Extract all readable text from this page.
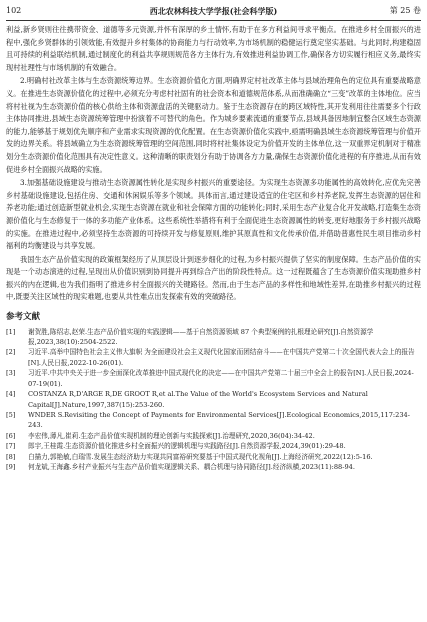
102	西北农林科技大学学报(社会科学版)	第 25 卷

利益,新乡贤则往往携带资金、道德等多元资源,并怀有深厚的乡土情怀,有助于在多方利益间寻求平衡点。在推进乡村全面振兴的进程中,强化乡贤群体的引领效能,有效提升乡村集体的协商能力与行动效率,为市场机制的稳健运行奠定坚实基础。与此同时,构建稳固且可持续的利益联结机制,通过制度化的利益共享规则规范各方主体行为,有效推进利益协调工作,确保各方切实履行相应义务,最终实现村社理性与市场机制的有效融合。

2.明确村社改革主体与生态资源统筹边界。生态资源价值化方面,明确界定村社改革主体与县域治理角色的定位具有重要战略意义。在推进生态资源价值化的过程中,必须充分考虑村社固有的社会资本和道德规范体系,从而准确确立“三变”改革的主体地位。应当将村社视为生态资源价值的核心供给主体和资源盘活的关键驱动力。鉴于生态资源存在的跨区域特性,其开发利用往往需要多个行政主体协同推进,县域生态资源统筹管理中扮演着不可替代的角色。作为城乡要素流通的重要节点,县域具备因地制宜整合区域生态资源的能力,能够基于规划优先顺序和产业需求实现资源的优化配置。在生态资源价值化实践中,亟需明确县域生态资源统筹管理与价值开发的边界关系。将县域确立为生态资源统筹管理的空间范围,同时将村社集体设定为价值开发的主体单位,这一双重界定机制对于精准划分生态资源价值化范围具有决定性意义。这种清晰的职责划分有助于协调各方力量,确保生态资源价值化进程的有序推进,从而有效促进乡村全面振兴战略的实施。

3.加强基础设施建设与推动生态资源属性转化是实现乡村振兴的重要途径。为实现生态资源多功能属性的高效转化,应优先完善乡村基础设施建设,包括住房、交通和休闲娱乐等多个领域。具体而言,通过建设适宜的住宅区和乡村养老院,发挥生态资源的居住和养老功能;通过创造新型就业机会,实现生态资源在就业和社会保障方面的功能转化;同时,采用生态产业复合化开发战略,打造集生态资源价值化与生态修复于一体的多功能产业体系。这些系统性举措将有利于全面促进生态资源属性的转变,更好地服务于乡村振兴战略的实施。在推进过程中,必须坚持生态资源的可持续开发与修复原则,维护其原真性和文化传承价值,并借助普惠性民生项目推动乡村福利的均衡建设与共享发展。

我国生态产品价值实现的政策框架经历了从顶层设计到逐步细化的过程,为乡村振兴提供了坚实的制度保障。生态产品价值的实现是一个动态演进的过程,呈现出从价值识别到协同提升再到综合产出的阶段性特点。这一过程既蕴含了生态资源价值实现助推乡村振兴的内在逻辑,也为我们指明了推进乡村全面振兴的关键路径。然而,由于生态产品的多样性和地域性差异,在助推乡村振兴的过程中,既要关注区域性的现实难题,也要从共性难点出发探索有效的突破路径。

参考文献
[1]	谢贺胜,陈绍志,赵荣.生态产品价值实现的实践逻辑——基于自然资源领域 87 个典型案例的扎根理论研究[J].自然资源学报,2023,38(10):2504-2522.
[2]	习近平.高举中国特色社会主义伟大旗帜 为全面建设社会主义现代化国家而团结奋斗——在中国共产党第二十次全国代表大会上的报告[N].人民日报,2022-10-26(01).
[3]	习近平.中共中央关于进一步全面深化改革推进中国式现代化的决定——在中国共产党第二十届三中全会上的报告[N].人民日报,2024-07-19(01).
[4]	COSTANZA R,D'ARGE R,DE GROOT R,et al.The Value of the World's Ecosystem Services and Natural Capital[J].Nature,1997,387(15):253-260.
[5]	WNDER S.Revisiting the Concept of Payments for Environmental Services[J].Ecological Economics,2015,117:234-243.
[6]	李宏伟,薄凡,崔莉.生态产品价值实现机制的理论创新与实践探索[J].治理研究,2020,36(04):34-42.
[7]	郎宇,王桂霞.生态资源价值化推进乡村全面振兴的逻辑机理与实践路径[J].自然资源学报,2024,39(01):29-48.
[8]	白描力,郭艳敏,白瑞雪.发展生态经济助力实现共同富裕研究要基于中国式现代化视角[J].上海经济研究,2022(12):5-16.
[9]	何龙斌,王海鑫.乡村产业振兴与生态产品价值实现逻辑关系、耦合机理与协同路径[J].经济纵横,2023(11):88-94.
